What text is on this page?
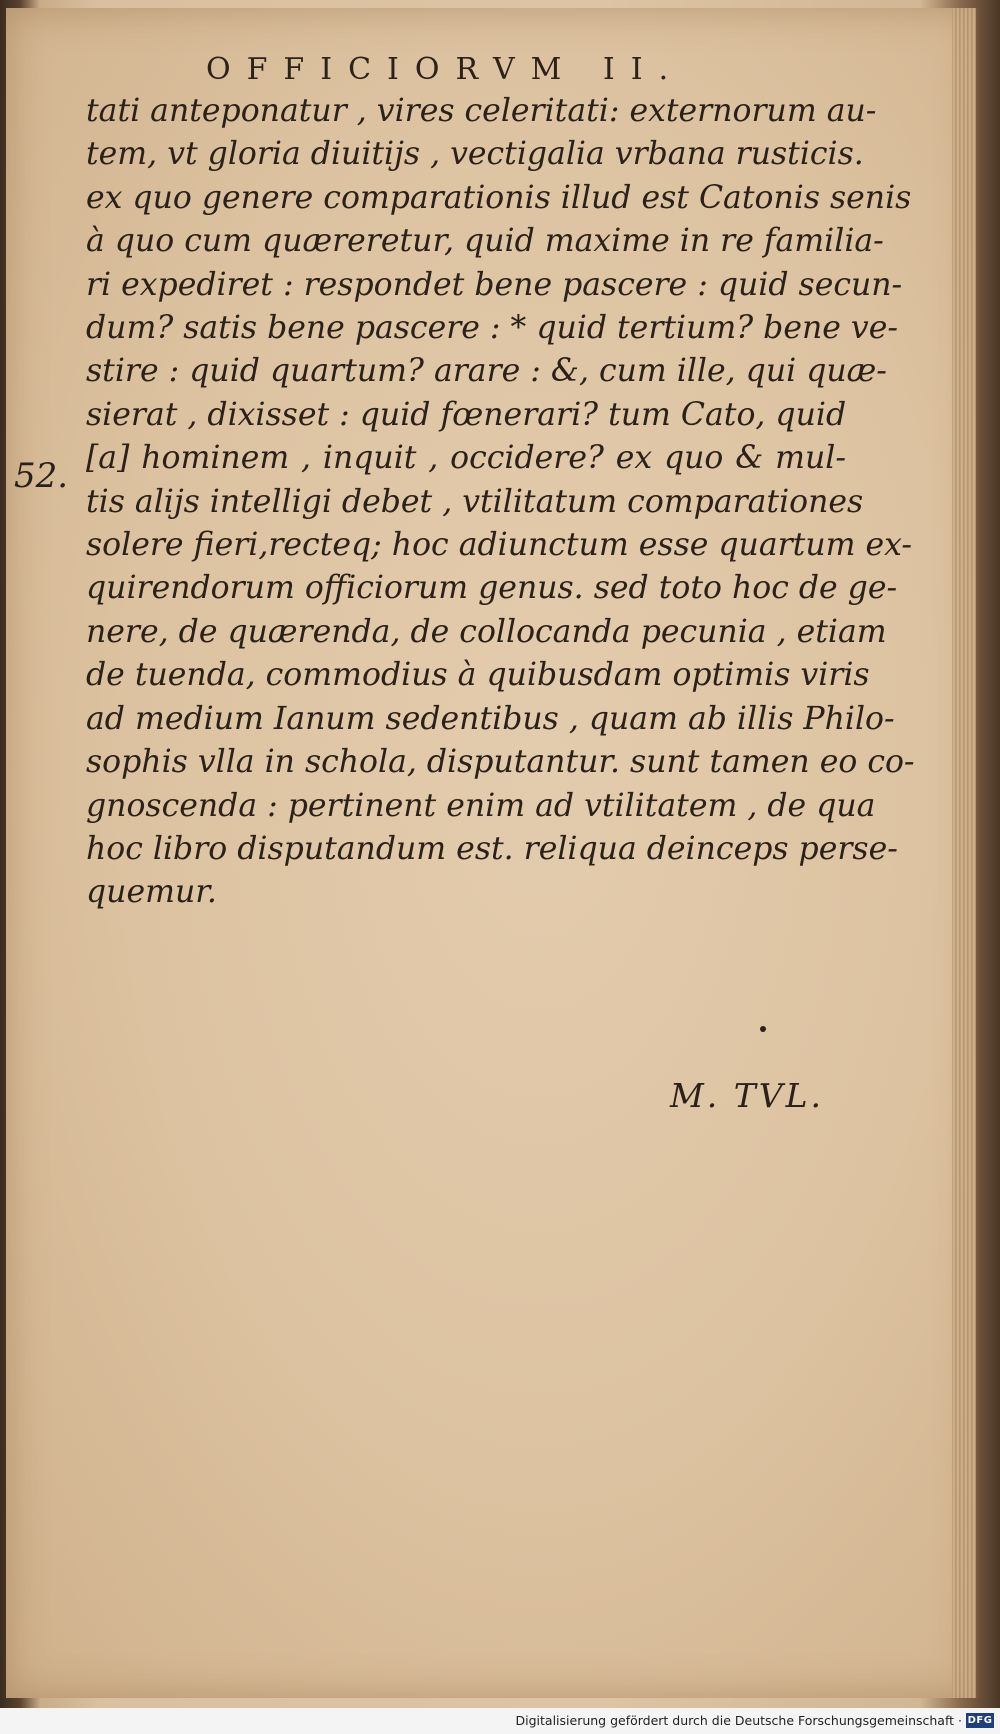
OFFICIORVM II.
52.
tati anteponatur , vires celeritati: externorum au-
tem, vt gloria diuitijs , vectigalia vrbana rusticis.
ex quo genere comparationis illud est Catonis senis
à quo cum quæreretur, quid maxime in re familia-
ri expediret : respondet bene pascere : quid secun-
dum? satis bene pascere : * quid tertium? bene ve-
stire : quid quartum? arare : &, cum ille, qui quæ-
sierat , dixisset : quid fœnerari? tum Cato, quid
[a] hominem , inquit , occidere? ex quo & mul-
tis alijs intelligi debet , vtilitatum comparationes
solere fieri,recteq; hoc adiunctum esse quartum ex-
quirendorum officiorum genus. sed toto hoc de ge-
nere, de quærenda, de collocanda pecunia , etiam
de tuenda, commodius à quibusdam optimis viris
ad medium Ianum sedentibus , quam ab illis Philo-
sophis vlla in schola, disputantur. sunt tamen eo co-
gnoscenda : pertinent enim ad vtilitatem , de qua
hoc libro disputandum est. reliqua deinceps perse-
quemur.
M. TVL.
Digitalisierung gefördert durch die Deutsche Forschungsgemeinschaft · DFG
